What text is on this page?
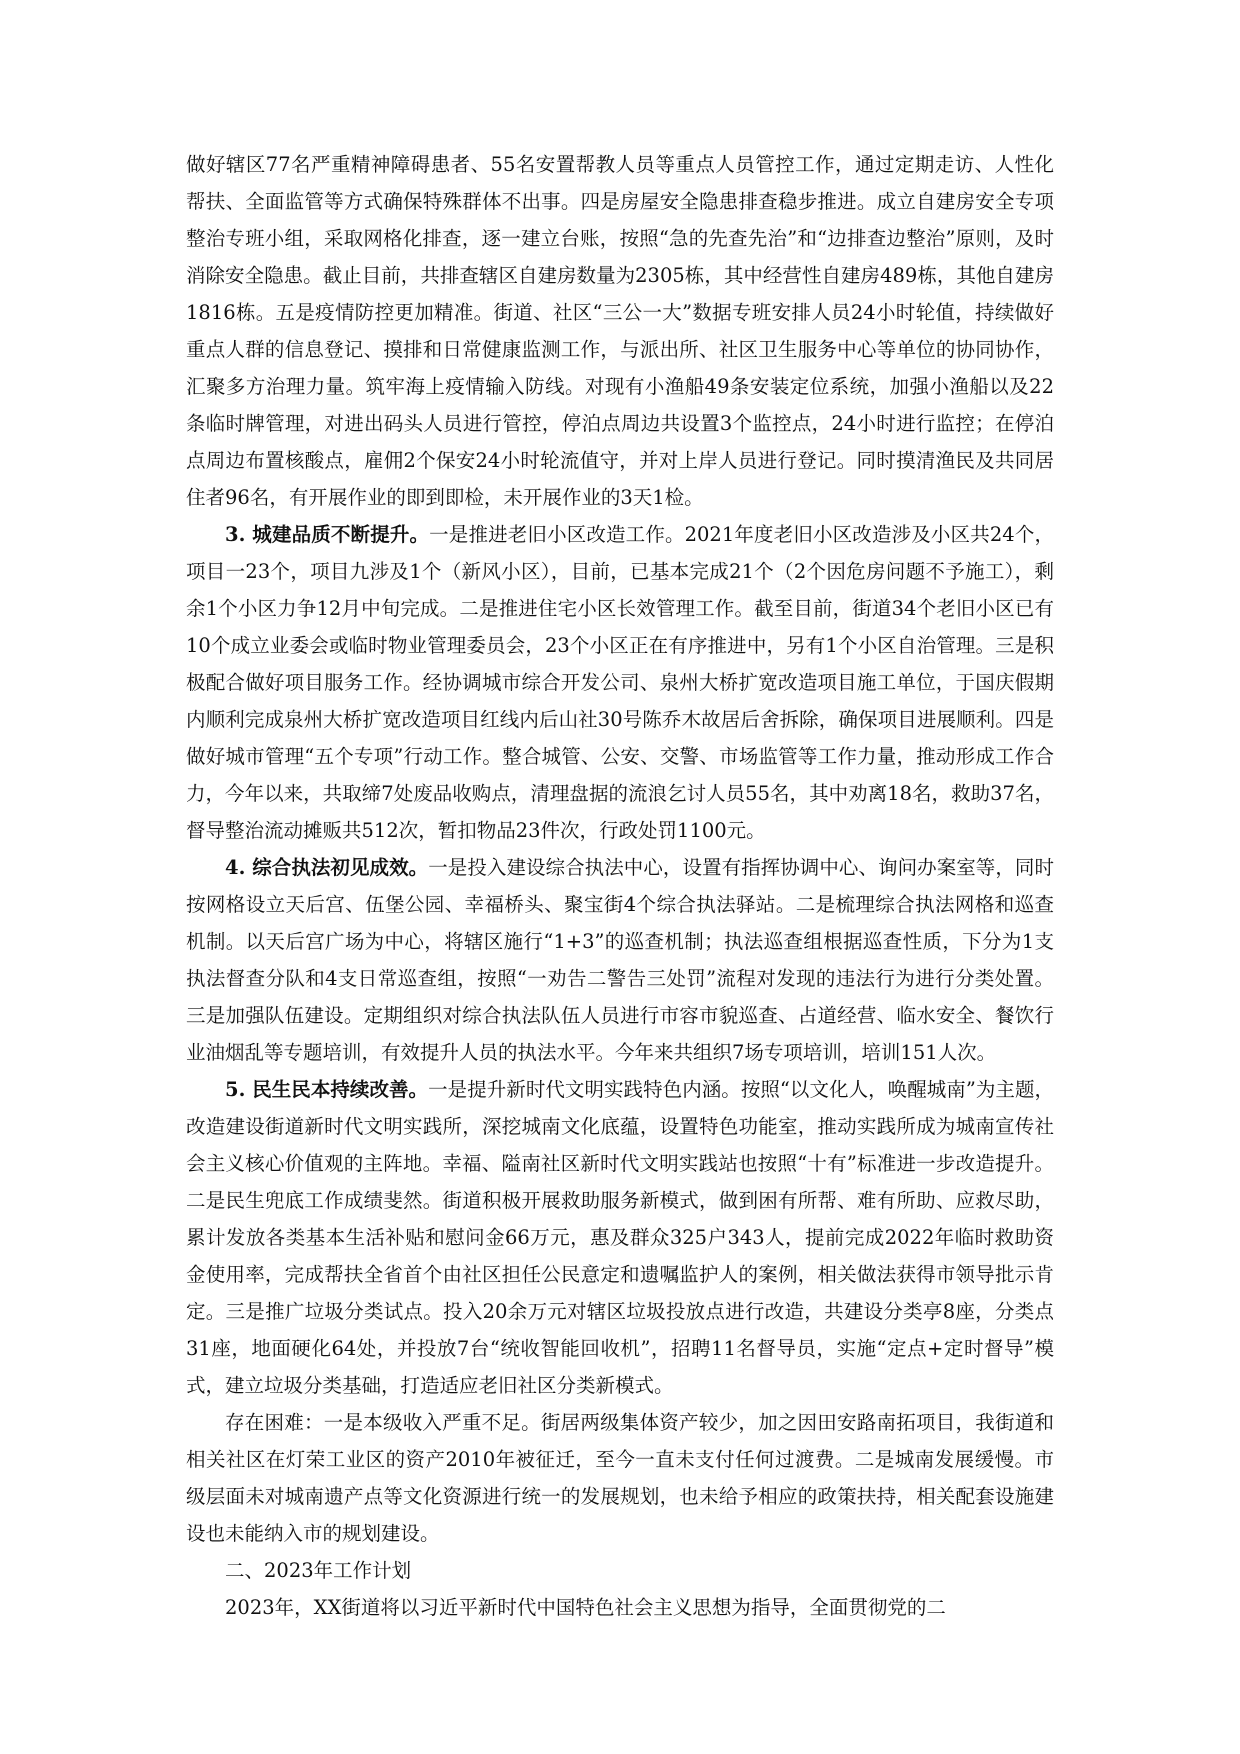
做好辖区77名严重精神障碍患者、55名安置帮教人员等重点人员管控工作，通过定期走访、人性化帮扶、全面监管等方式确保特殊群体不出事。四是房屋安全隐患排查稳步推进。成立自建房安全专项整治专班小组，采取网格化排查，逐一建立台账，按照“急的先查先治”和“边排查边整治”原则，及时消除安全隐患。截止目前，共排查辖区自建房数量为2305栋，其中经营性自建房489栋，其他自建房1816栋。五是疫情防控更加精准。街道、社区“三公一大”数据专班安排人员24小时轮值，持续做好重点人群的信息登记、摸排和日常健康监测工作，与派出所、社区卫生服务中心等单位的协同协作，汇聚多方治理力量。筑牢海上疫情输入防线。对现有小渔船49条安装定位系统，加强小渔船以及22条临时牌管理，对进出码头人员进行管控，停泊点周边共设置3个监控点，24小时进行监控；在停泊点周边布置核酸点，雇佣2个保安24小时轮流值守，并对上岸人员进行登记。同时摸清渔民及共同居住者96名，有开展作业的即到即检，未开展作业的3天1检。

3. 城建品质不断提升。一是推进老旧小区改造工作。2021年度老旧小区改造涉及小区共24个，项目一23个，项目九涉及1个（新风小区），目前，已基本完成21个（2个因危房问题不予施工），剩余1个小区力争12月中旬完成。二是推进住宅小区长效管理工作。截至目前，街道34个老旧小区已有10个成立业委会或临时物业管理委员会，23个小区正在有序推进中，另有1个小区自治管理。三是积极配合做好项目服务工作。经协调城市综合开发公司、泉州大桥扩宽改造项目施工单位，于国庆假期内顺利完成泉州大桥扩宽改造项目红线内后山社30号陈乔木故居后舍拆除，确保项目进展顺利。四是做好城市管理“五个专项”行动工作。整合城管、公安、交警、市场监管等工作力量，推动形成工作合力，今年以来，共取缔7处废品收购点，清理盘据的流浪乞讨人员55名，其中劝离18名，救助37名，督导整治流动摊贩共512次，暂扣物品23件次，行政处罚1100元。

4. 综合执法初见成效。一是投入建设综合执法中心，设置有指挥协调中心、询问办案室等，同时按网格设立天后宫、伍堡公园、幸福桥头、聚宝街4个综合执法驿站。二是梳理综合执法网格和巡查机制。以天后宫广场为中心，将辖区施行“1+3”的巡查机制；执法巡查组根据巡查性质，下分为1支执法督查分队和4支日常巡查组，按照“一劝告二警告三处罚”流程对发现的违法行为进行分类处置。三是加强队伍建设。定期组织对综合执法队伍人员进行市容市貌巡查、占道经营、临水安全、餐饮行业油烟乱等专题培训，有效提升人员的执法水平。今年来共组织7场专项培训，培训151人次。

5. 民生民本持续改善。一是提升新时代文明实践特色内涵。按照“以文化人，唤醒城南”为主题，改造建设街道新时代文明实践所，深挖城南文化底蕴，设置特色功能室，推动实践所成为城南宣传社会主义核心价值观的主阵地。幸福、隘南社区新时代文明实践站也按照“十有”标准进一步改造提升。二是民生兜底工作成绩斐然。街道积极开展救助服务新模式，做到困有所帮、难有所助、应救尽助，累计发放各类基本生活补贴和慰问金66万元，惠及群众325户343人，提前完成2022年临时救助资金使用率，完成帮扶全省首个由社区担任公民意定和遗嘱监护人的案例，相关做法获得市领导批示肯定。三是推广垃圾分类试点。投入20余万元对辖区垃圾投放点进行改造，共建设分类亭8座，分类点31座，地面硬化64处，并投放7台“统收智能回收机”，招聘11名督导员，实施“定点+定时督导”模式，建立垃圾分类基础，打造适应老旧社区分类新模式。

存在困难：一是本级收入严重不足。街居两级集体资产较少，加之因田安路南拓项目，我街道和相关社区在灯荣工业区的资产2010年被征迁，至今一直未支付任何过渡费。二是城南发展缓慢。市级层面未对城南遗产点等文化资源进行统一的发展规划，也未给予相应的政策扶持，相关配套设施建设也未能纳入市的规划建设。

二、2023年工作计划

2023年，XX街道将以习近平新时代中国特色社会主义思想为指导，全面贯彻党的二
